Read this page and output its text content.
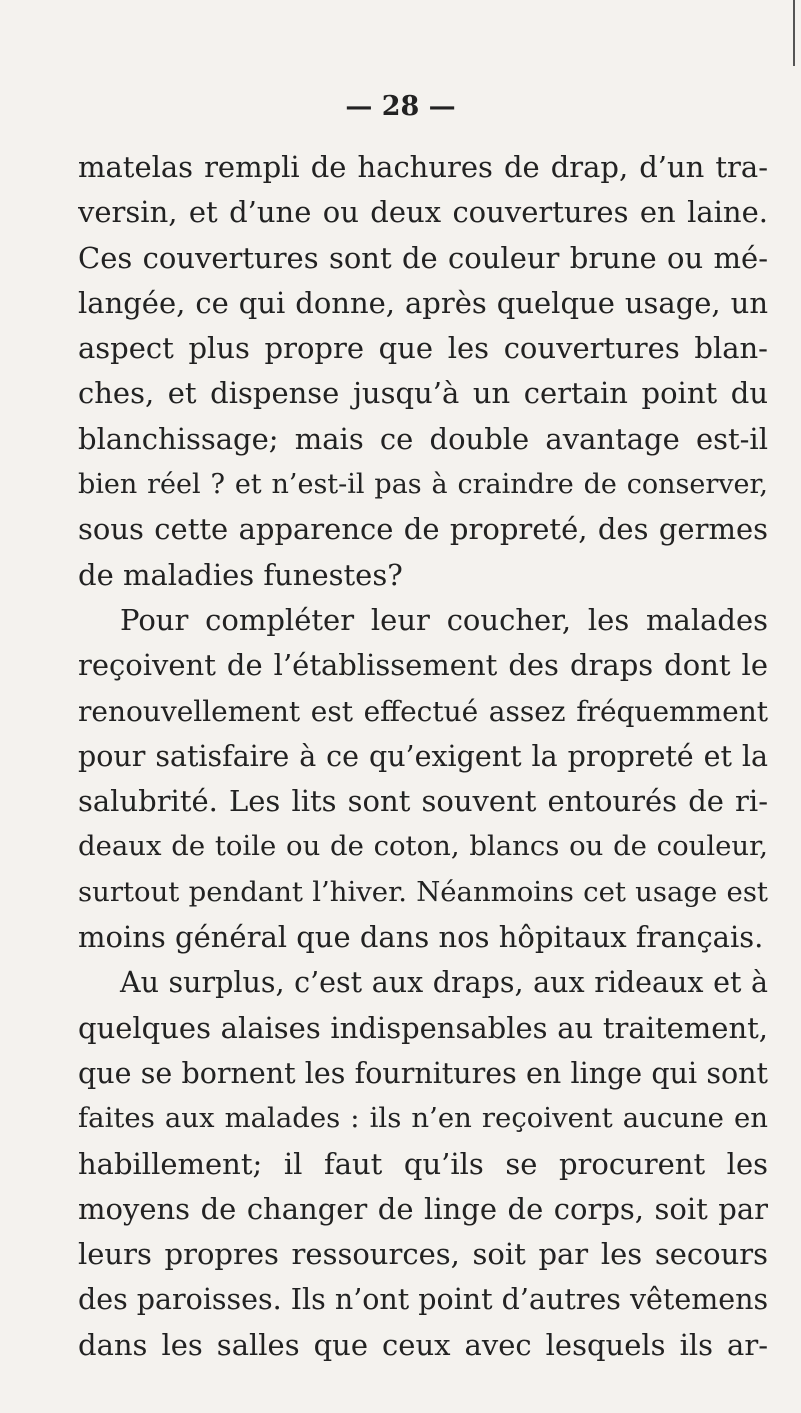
— 28 —
matelas rempli de hachures de drap, d’un tra-
versin, et d’une ou deux couvertures en laine.
Ces couvertures sont de couleur brune ou mé-
langée, ce qui donne, après quelque usage, un
aspect plus propre que les couvertures blan-
ches, et dispense jusqu’à un certain point du
blanchissage; mais ce double avantage est-il
bien réel ? et n’est-il pas à craindre de conserver,
sous cette apparence de propreté, des germes
de maladies funestes?
Pour compléter leur coucher, les malades
reçoivent de l’établissement des draps dont le
renouvellement est effectué assez fréquemment
pour satisfaire à ce qu’exigent la propreté et la
salubrité. Les lits sont souvent entourés de ri-
deaux de toile ou de coton, blancs ou de couleur,
surtout pendant l’hiver. Néanmoins cet usage est
moins général que dans nos hôpitaux français.
Au surplus, c’est aux draps, aux rideaux et à
quelques alaises indispensables au traitement,
que se bornent les fournitures en linge qui sont
faites aux malades : ils n’en reçoivent aucune en
habillement; il faut qu’ils se procurent les
moyens de changer de linge de corps, soit par
leurs propres ressources, soit par les secours
des paroisses. Ils n’ont point d’autres vêtemens
dans les salles que ceux avec lesquels ils ar-
